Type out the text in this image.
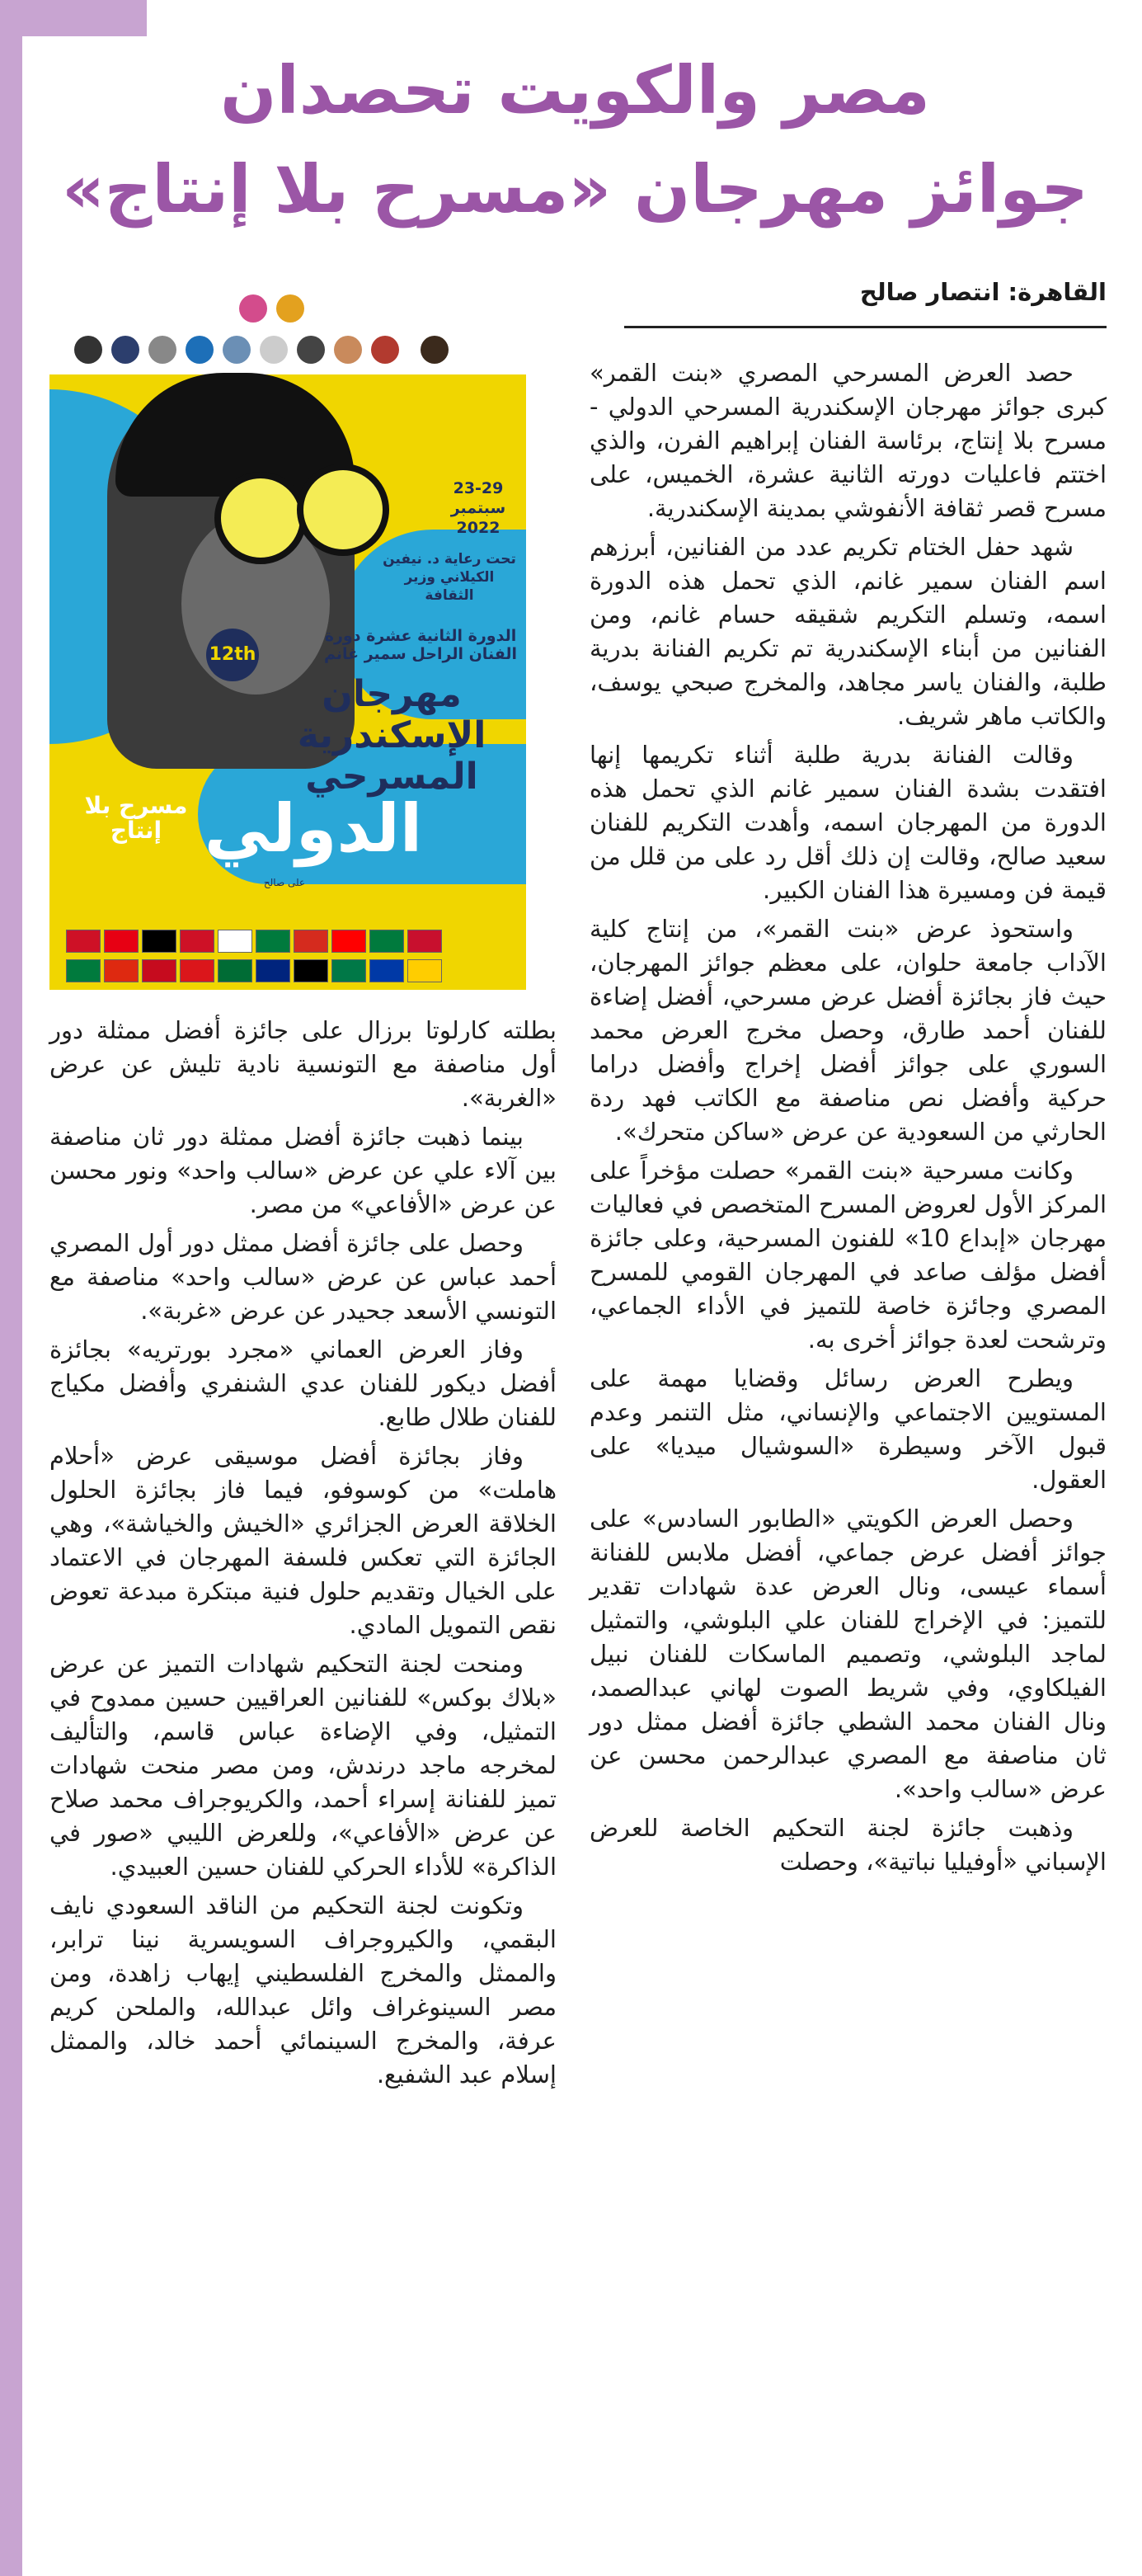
مصر والكويت تحصدان
جوائز مهرجان «مسرح بلا إنتاج»
القاهرة: انتصار صالح

حصد العرض المسرحي المصري «بنت القمر» كبرى جوائز مهرجان الإسكندرية المسرحي الدولي - مسرح بلا إنتاج، برئاسة الفنان إبراهيم الفرن، والذي اختتم فاعليات دورته الثانية عشرة، الخميس، على مسرح قصر ثقافة الأنفوشي بمدينة الإسكندرية.

شهد حفل الختام تكريم عدد من الفنانين، أبرزهم اسم الفنان سمير غانم، الذي تحمل هذه الدورة اسمه، وتسلم التكريم شقيقه حسام غانم، ومن الفنانين من أبناء الإسكندرية تم تكريم الفنانة بدرية طلبة، والفنان ياسر مجاهد، والمخرج صبحي يوسف، والكاتب ماهر شريف.

وقالت الفنانة بدرية طلبة أثناء تكريمها إنها افتقدت بشدة الفنان سمير غانم الذي تحمل هذه الدورة من المهرجان اسمه، وأهدت التكريم للفنان سعيد صالح، وقالت إن ذلك أقل رد على من قلل من قيمة فن ومسيرة هذا الفنان الكبير.

واستحوذ عرض «بنت القمر»، من إنتاج كلية الآداب جامعة حلوان، على معظم جوائز المهرجان، حيث فاز بجائزة أفضل عرض مسرحي، أفضل إضاءة للفنان أحمد طارق، وحصل مخرج العرض محمد السوري على جوائز أفضل إخراج وأفضل دراما حركية وأفضل نص مناصفة مع الكاتب فهد ردة الحارثي من السعودية عن عرض «ساكن متحرك».

وكانت مسرحية «بنت القمر» حصلت مؤخراً على المركز الأول لعروض المسرح المتخصص في فعاليات مهرجان «إبداع 10» للفنون المسرحية، وعلى جائزة أفضل مؤلف صاعد في المهرجان القومي للمسرح المصري وجائزة خاصة للتميز في الأداء الجماعي، وترشحت لعدة جوائز أخرى به.

ويطرح العرض رسائل وقضايا مهمة على المستويين الاجتماعي والإنساني، مثل التنمر وعدم قبول الآخر وسيطرة «السوشيال ميديا» على العقول.

وحصل العرض الكويتي «الطابور السادس» على جوائز أفضل عرض جماعي، أفضل ملابس للفنانة أسماء عيسى، ونال العرض عدة شهادات تقدير للتميز: في الإخراج للفنان علي البلوشي، والتمثيل لماجد البلوشي، وتصميم الماسكات للفنان نبيل الفيلكاوي، وفي شريط الصوت لهاني عبدالصمد، ونال الفنان محمد الشطي جائزة أفضل ممثل دور ثان مناصفة مع المصري عبدالرحمن محسن عن عرض «سالب واحد».

وذهبت جائزة لجنة التحكيم الخاصة للعرض الإسباني «أوفيليا نباتية»، وحصلت

23-29 سبتمبر 2022
تحت رعاية د. نيفين الكيلاني وزير الثقافة
الدورة الثانية عشرة دورة الفنان الراحل سمير غانم
12th
مهرجان الإسكندرية المسرحي
الدولي
مسرح بلا إنتاج
على صالح

بطلته كارلوتا برزال على جائزة أفضل ممثلة دور أول مناصفة مع التونسية نادية تليش عن عرض «الغربة».

بينما ذهبت جائزة أفضل ممثلة دور ثان مناصفة بين آلاء علي عن عرض «سالب واحد» ونور محسن عن عرض «الأفاعي» من مصر.

وحصل على جائزة أفضل ممثل دور أول المصري أحمد عباس عن عرض «سالب واحد» مناصفة مع التونسي الأسعد جحيدر عن عرض «غربة».

وفاز العرض العماني «مجرد بورتريه» بجائزة أفضل ديكور للفنان عدي الشنفري وأفضل مكياج للفنان طلال طابع.

وفاز بجائزة أفضل موسيقى عرض «أحلام هاملت» من كوسوفو، فيما فاز بجائزة الحلول الخلاقة العرض الجزائري «الخيش والخياشة»، وهي الجائزة التي تعكس فلسفة المهرجان في الاعتماد على الخيال وتقديم حلول فنية مبتكرة مبدعة تعوض نقص التمويل المادي.

ومنحت لجنة التحكيم شهادات التميز عن عرض «بلاك بوكس» للفنانين العراقيين حسين ممدوح في التمثيل، وفي الإضاءة عباس قاسم، والتأليف لمخرجه ماجد درندش، ومن مصر منحت شهادات تميز للفنانة إسراء أحمد، والكريوجراف محمد صلاح عن عرض «الأفاعي»، وللعرض الليبي «صور في الذاكرة» للأداء الحركي للفنان حسين العبيدي.

وتكونت لجنة التحكيم من الناقد السعودي نايف البقمي، والكيروجراف السويسرية نينا ترابر، والممثل والمخرج الفلسطيني إيهاب زاهدة، ومن مصر السينوغراف وائل عبدالله، والملحن كريم عرفة، والمخرج السينمائي أحمد خالد، والممثل إسلام عبد الشفيع.
